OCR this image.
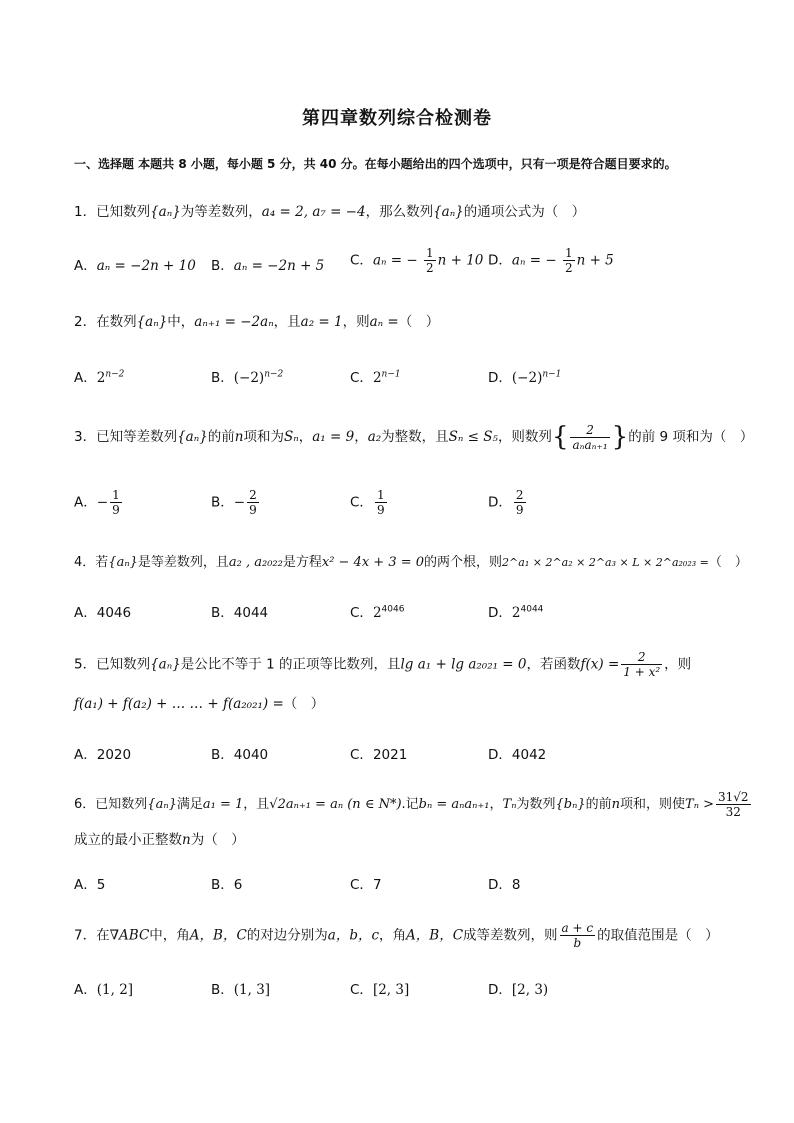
第四章数列综合检测卷
一、选择题 本题共 8 小题，每小题 5 分，共 40 分。在每小题给出的四个选项中，只有一项是符合题目要求的。
1．已知数列{aₙ}为等差数列，a₄ = 2, a₇ = −4，那么数列{aₙ}的通项公式为（　）
A．aₙ = −2n + 10 B．aₙ = −2n + 5 C．aₙ = − $\frac{1}{2}$ n + 10 D．aₙ = − $\frac{1}{2}$ n + 5
2．在数列{aₙ}中，aₙ₊₁ = −2aₙ，且a₂ = 1，则aₙ =（　）
A．$2^{n-2}$	B．$(-2)^{n-2}$	C．$2^{n-1}$	D．$(-2)^{n-1}$
3．已知等差数列{aₙ}的前n项和为Sₙ，a₁ = 9，a₂为整数，且Sₙ ≤ S₅，则数列{ $\frac{2}{\text{aₙaₙ₊₁}}$ }的前 9 项和为（　）
A．− $\frac{1}{9}$	B．− $\frac{2}{9}$	C． $\frac{1}{9}$	D． $\frac{2}{9}$
4．若{aₙ}是等差数列，且a₂ , a₂₀₂₂是方程x² − 4x + 3 = 0的两个根，则2^a₁ × 2^a₂ × 2^a₃ × L × 2^a₂₀₂₃ =（　）
A．4046	B．4044	C．$2^{4046}$	D．$2^{4044}$
5．已知数列{aₙ}是公比不等于 1 的正项等比数列，且lg a₁ + lg a₂₀₂₁ = 0，若函数$f(x) = \frac{2}{\text{1 + x²}}$ ，则
f(a₁) + f(a₂) + … … + f(a₂₀₂₁) =（　）
A．2020	B．4040	C．2021	D．4042
6．已知数列{aₙ}满足a₁ = 1，且√2aₙ₊₁ = aₙ (n ∈ N*).记bₙ = aₙaₙ₊₁，Tₙ为数列{bₙ}的前n项和，则使$T_n > \frac{31√2}{32}$
成立的最小正整数n为（　）
A．5	B．6	C．7	D．8
7．在∇ABC中，角A，B，C的对边分别为a，b，c，角A，B，C成等差数列，则 $\frac{a + c}{b}$ 的取值范围是（　）
A．(1, 2]	B．(1, 3]	C．[2, 3]	D．[2, 3)
